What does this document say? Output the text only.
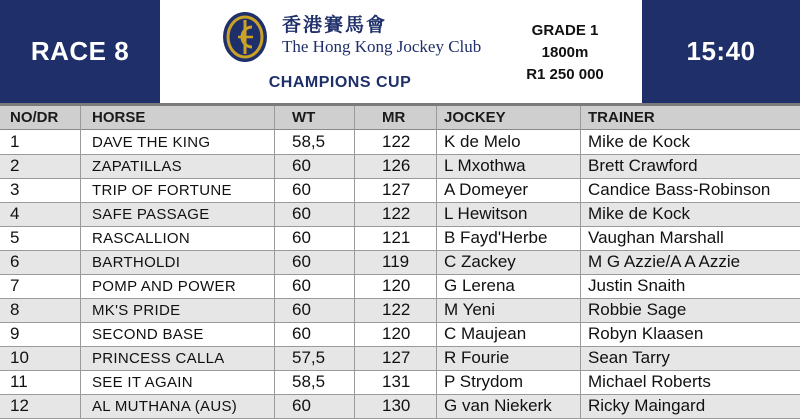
RACE 8
香港賽馬會
The Hong Kong Jockey Club
CHAMPIONS CUP
GRADE 1
1800m
R1 250 000
15:40
NO/DR	HORSE	WT	MR	JOCKEY	TRAINER
1	DAVE THE KING	58,5	122	K de Melo	Mike de Kock
2	ZAPATILLAS	60	126	L Mxothwa	Brett Crawford
3	TRIP OF FORTUNE	60	127	A Domeyer	Candice Bass-Robinson
4	SAFE PASSAGE	60	122	L Hewitson	Mike de Kock
5	RASCALLION	60	121	B Fayd'Herbe	Vaughan Marshall
6	BARTHOLDI	60	119	C Zackey	M G Azzie/A A Azzie
7	POMP AND POWER	60	120	G Lerena	Justin Snaith
8	MK'S PRIDE	60	122	M Yeni	Robbie Sage
9	SECOND BASE	60	120	C Maujean	Robyn Klaasen
10	PRINCESS CALLA	57,5	127	R Fourie	Sean Tarry
11	SEE IT AGAIN	58,5	131	P Strydom	Michael Roberts
12	AL MUTHANA (AUS)	60	130	G van Niekerk	Ricky Maingard
